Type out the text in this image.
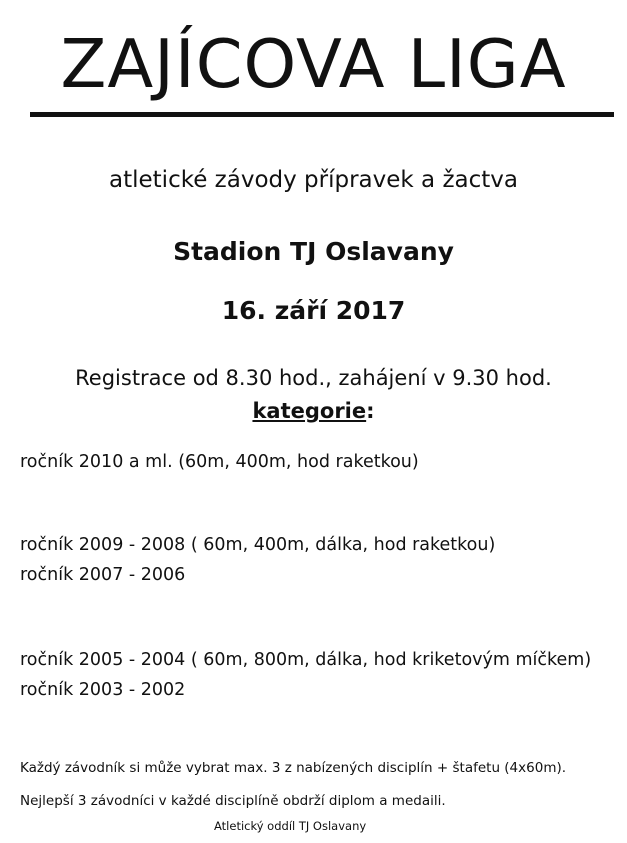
ZAJÍCOVA LIGA
atletické závody přípravek a žactva
Stadion TJ Oslavany
16. září 2017
Registrace od 8.30 hod., zahájení v 9.30 hod.
kategorie:
ročník 2010 a ml. (60m, 400m, hod raketkou)
ročník 2009 - 2008 ( 60m, 400m, dálka, hod raketkou)
ročník 2007 - 2006
ročník 2005 - 2004 ( 60m, 800m, dálka, hod kriketovým míčkem)
ročník 2003 - 2002
Každý závodník si může vybrat max. 3 z nabízených disciplín + štafetu (4x60m).
Nejlepší 3 závodníci v každé disciplíně obdrží diplom a medaili.
Atletický oddíl TJ Oslavany
